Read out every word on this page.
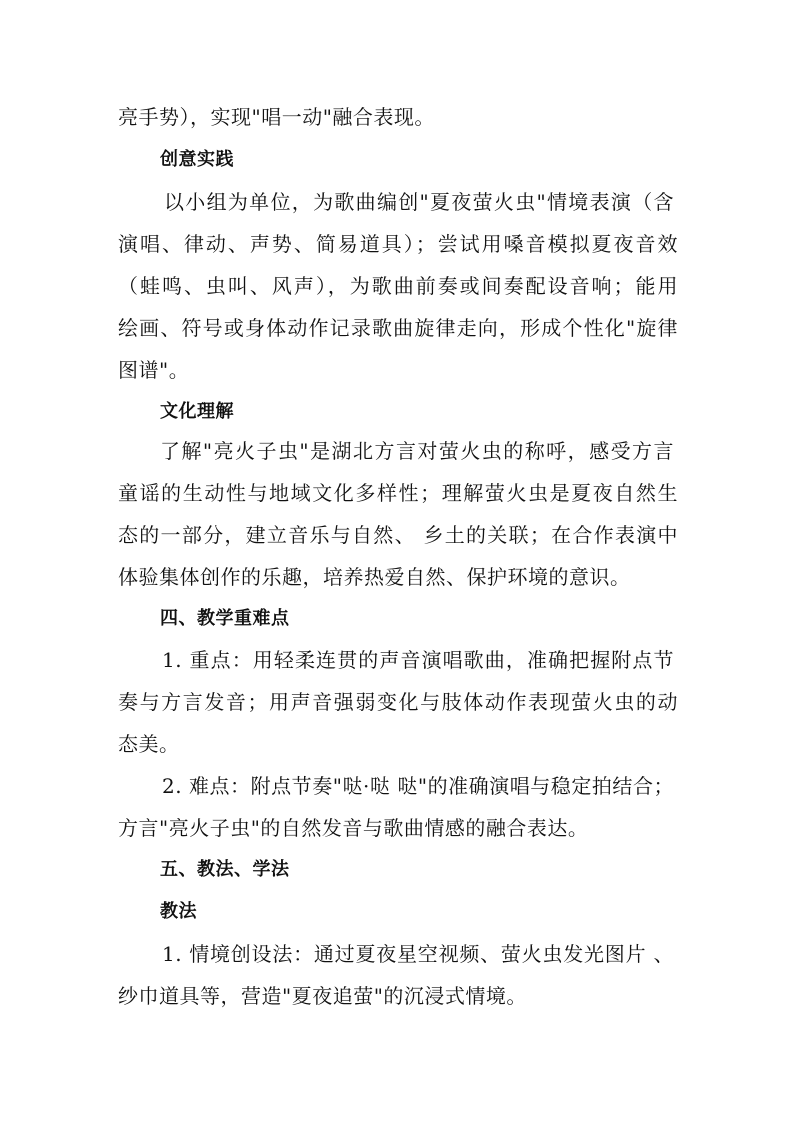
亮手势），实现"唱一动"融合表现。
创意实践
以小组为单位，为歌曲编创"夏夜萤火虫"情境表演（含
演唱、律动、声势、简易道具）；尝试用嗓音模拟夏夜音效
（蛙鸣、虫叫、风声），为歌曲前奏或间奏配设音响；能用
绘画、符号或身体动作记录歌曲旋律走向，形成个性化"旋律
图谱"。
文化理解
了解"亮火子虫"是湖北方言对萤火虫的称呼，感受方言
童谣的生动性与地域文化多样性；理解萤火虫是夏夜自然生
态的一部分，建立音乐与自然、 乡土的关联；在合作表演中
体验集体创作的乐趣，培养热爱自然、保护环境的意识。
四、教学重难点
1. 重点：用轻柔连贯的声音演唱歌曲，准确把握附点节
奏与方言发音；用声音强弱变化与肢体动作表现萤火虫的动
态美。
2. 难点：附点节奏"哒·哒 哒"的准确演唱与稳定拍结合；
方言"亮火子虫"的自然发音与歌曲情感的融合表达。
五、教法、学法
教法
1. 情境创设法：通过夏夜星空视频、萤火虫发光图片 、
纱巾道具等，营造"夏夜追萤"的沉浸式情境。
